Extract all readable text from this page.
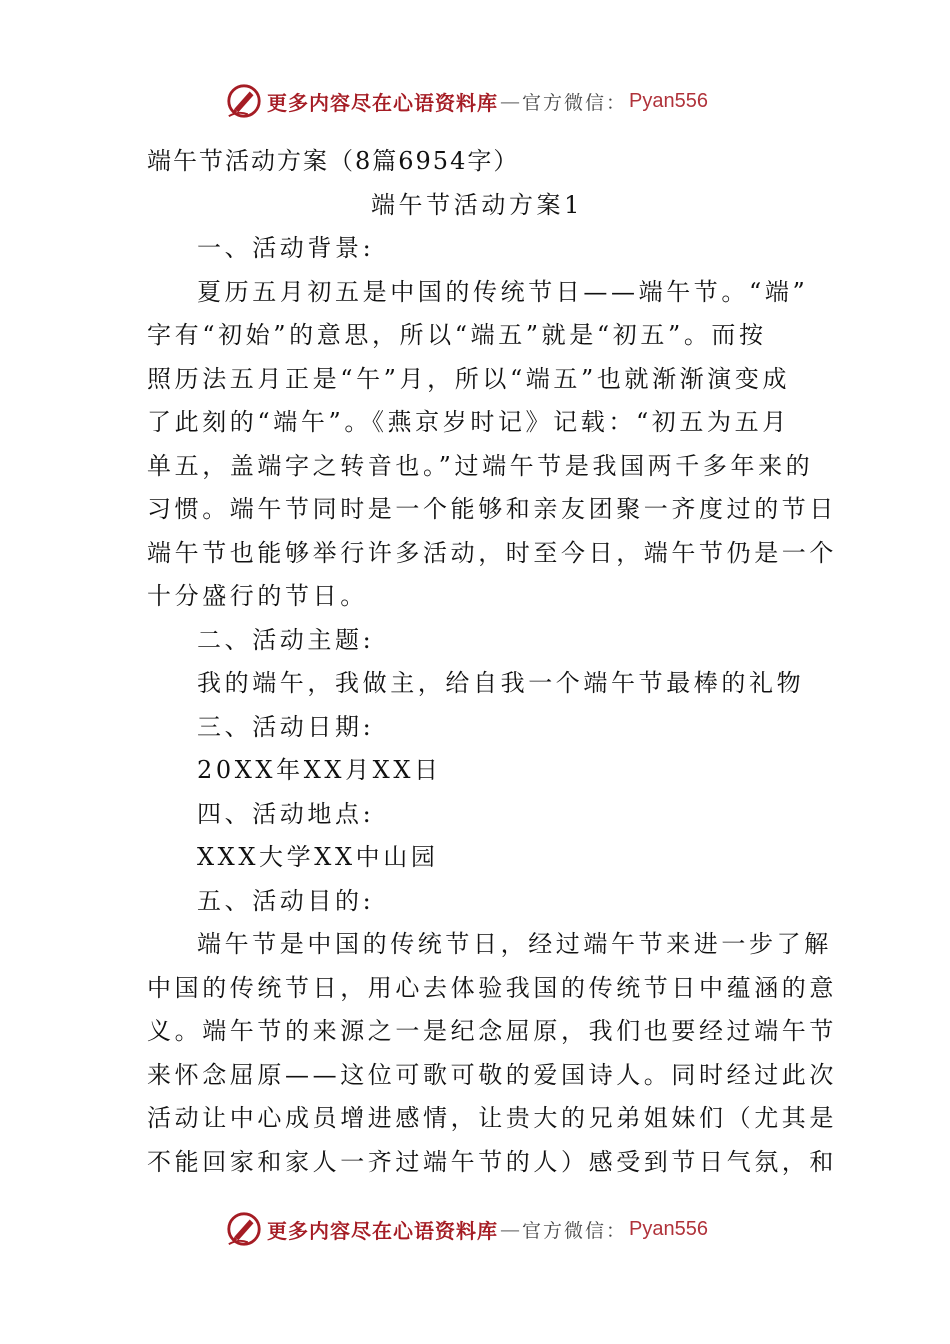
更多内容尽在心语资料库 — 官方微信： Pyan556
端午节活动方案（8篇6954字）
端午节活动方案1
一、活动背景:
夏历五月初五是中国的传统节日——端午节。“端”
字有“初始”的意思，所以“端五”就是“初五”。而按
照历法五月正是“午”月，所以“端五”也就渐渐演变成
了此刻的“端午”。《燕京岁时记》记载：“初五为五月
单五，盖端字之转音也。”过端午节是我国两千多年来的
习惯。端午节同时是一个能够和亲友团聚一齐度过的节日
端午节也能够举行许多活动，时至今日，端午节仍是一个
十分盛行的节日。
二、活动主题:
我的端午，我做主，给自我一个端午节最棒的礼物
三、活动日期:
20XX年XX月XX日
四、活动地点:
XXX大学XX中山园
五、活动目的:
端午节是中国的传统节日，经过端午节来进一步了解
中国的传统节日，用心去体验我国的传统节日中蕴涵的意
义。端午节的来源之一是纪念屈原，我们也要经过端午节
来怀念屈原——这位可歌可敬的爱国诗人。同时经过此次
活动让中心成员增进感情，让贵大的兄弟姐妹们（尤其是
不能回家和家人一齐过端午节的人）感受到节日气氛，和
更多内容尽在心语资料库 — 官方微信： Pyan556
